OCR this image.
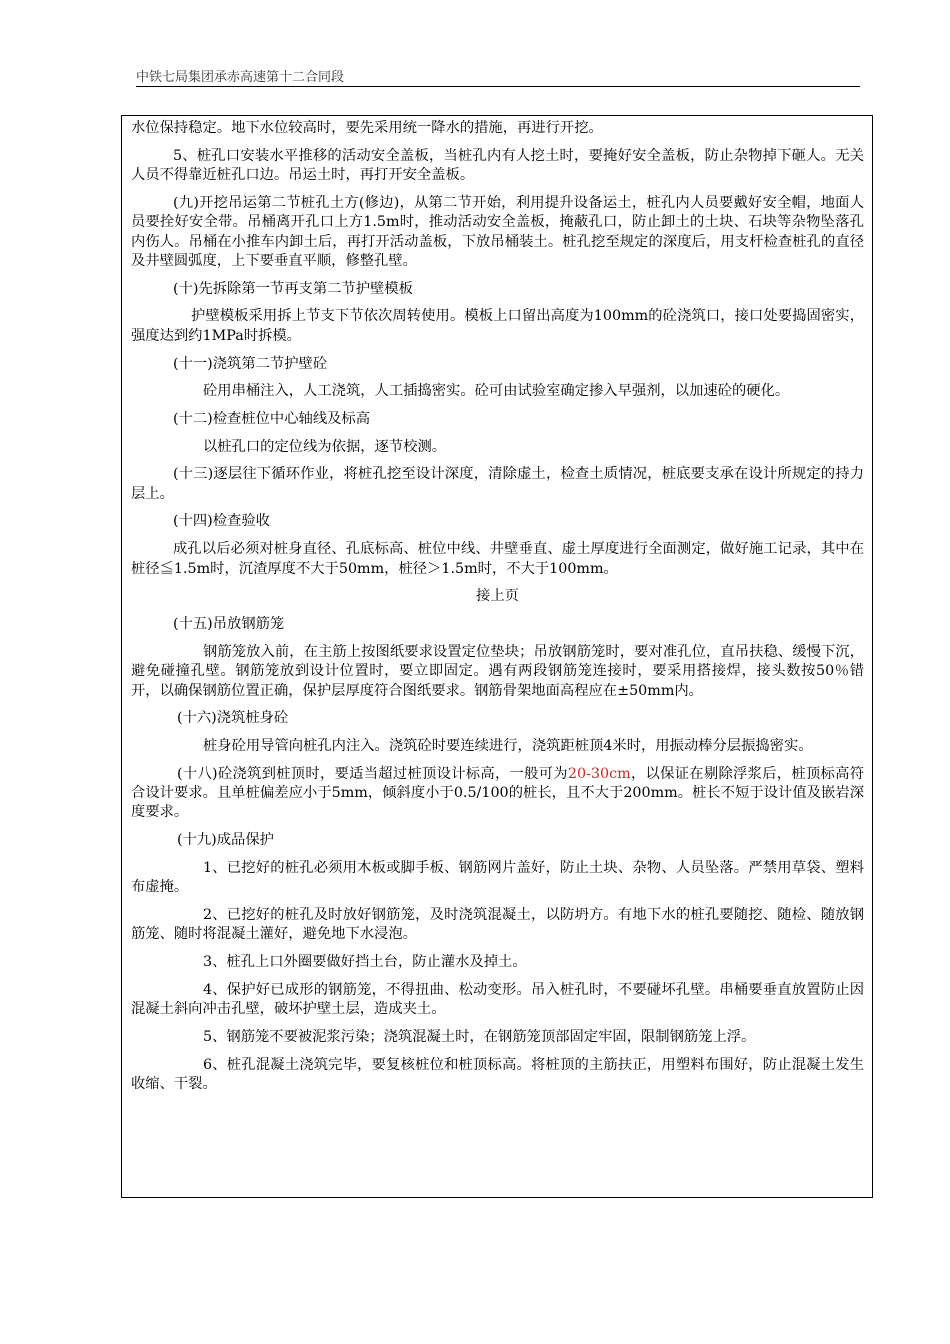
中铁七局集团承赤高速第十二合同段

水位保持稳定。地下水位较高时，要先采用统一降水的措施，再进行开挖。

5、桩孔口安装水平推移的活动安全盖板，当桩孔内有人挖土时，要掩好安全盖板，防止杂物掉下砸人。无关人员不得靠近桩孔口边。吊运土时，再打开安全盖板。

(九)开挖吊运第二节桩孔土方(修边)，从第二节开始，利用提升设备运土，桩孔内人员要戴好安全帽，地面人员要拴好安全带。吊桶离开孔口上方1.5m时，推动活动安全盖板，掩蔽孔口，防止卸土的土块、石块等杂物坠落孔内伤人。吊桶在小推车内卸土后，再打开活动盖板，下放吊桶装土。桩孔挖至规定的深度后，用支杆检查桩孔的直径及井壁圆弧度，上下要垂直平顺，修整孔壁。

(十)先拆除第一节再支第二节护壁模板

护壁模板采用拆上节支下节依次周转使用。模板上口留出高度为100mm的砼浇筑口，接口处要捣固密实，强度达到约1MPa时拆模。

(十一)浇筑第二节护壁砼

砼用串桶注入，人工浇筑，人工插捣密实。砼可由试验室确定掺入早强剂，以加速砼的硬化。

(十二)检查桩位中心轴线及标高

以桩孔口的定位线为依据，逐节校测。

(十三)逐层往下循环作业，将桩孔挖至设计深度，清除虚土，检查土质情况，桩底要支承在设计所规定的持力层上。

(十四)检查验收

成孔以后必须对桩身直径、孔底标高、桩位中线、井壁垂直、虚土厚度进行全面测定，做好施工记录，其中在桩径≦1.5m时，沉渣厚度不大于50mm，桩径＞1.5m时，不大于100mm。

接上页

(十五)吊放钢筋笼

钢筋笼放入前，在主筋上按图纸要求设置定位垫块；吊放钢筋笼时，要对准孔位，直吊扶稳、缓慢下沉，避免碰撞孔壁。钢筋笼放到设计位置时，要立即固定。遇有两段钢筋笼连接时，要采用搭接焊，接头数按50％错开，以确保钢筋位置正确，保护层厚度符合图纸要求。钢筋骨架地面高程应在±50mm内。

(十六)浇筑桩身砼

桩身砼用导管向桩孔内注入。浇筑砼时要连续进行，浇筑距桩顶4米时，用振动棒分层振捣密实。

(十八)砼浇筑到桩顶时，要适当超过桩顶设计标高，一般可为20-30cm，以保证在剔除浮浆后，桩顶标高符合设计要求。且单桩偏差应小于5mm，倾斜度小于0.5/100的桩长，且不大于200mm。桩长不短于设计值及嵌岩深度要求。

(十九)成品保护

1、已挖好的桩孔必须用木板或脚手板、钢筋网片盖好，防止土块、杂物、人员坠落。严禁用草袋、塑料布虚掩。

2、已挖好的桩孔及时放好钢筋笼，及时浇筑混凝土，以防坍方。有地下水的桩孔要随挖、随检、随放钢筋笼、随时将混凝土灌好，避免地下水浸泡。

3、桩孔上口外圈要做好挡土台，防止灌水及掉土。

4、保护好已成形的钢筋笼，不得扭曲、松动变形。吊入桩孔时，不要碰坏孔壁。串桶要垂直放置防止因混凝土斜向冲击孔壁，破坏护壁土层，造成夹土。

5、钢筋笼不要被泥浆污染；浇筑混凝土时，在钢筋笼顶部固定牢固，限制钢筋笼上浮。

6、桩孔混凝土浇筑完毕，要复核桩位和桩顶标高。将桩顶的主筋扶正，用塑料布围好，防止混凝土发生收缩、干裂。
